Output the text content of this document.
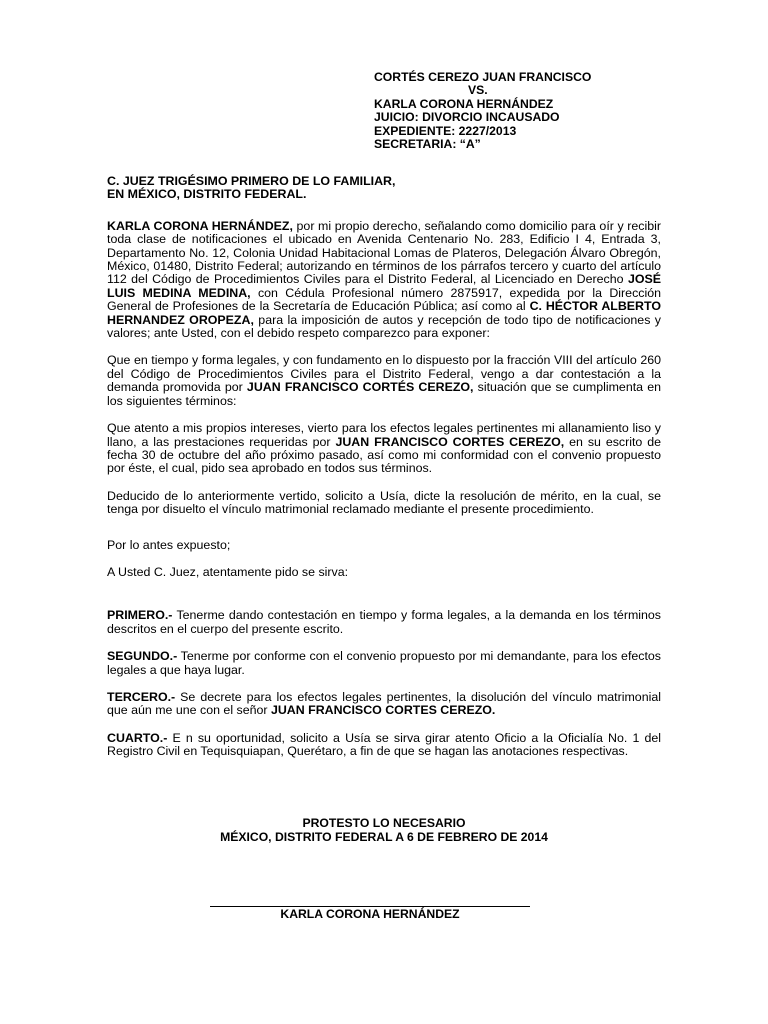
CORTÉS CEREZO JUAN FRANCISCO
VS.
KARLA CORONA HERNÁNDEZ
JUICIO: DIVORCIO INCAUSADO
EXPEDIENTE: 2227/2013
SECRETARIA: “A”
C. JUEZ TRIGÉSIMO PRIMERO DE LO FAMILIAR,
EN MÉXICO, DISTRITO FEDERAL.

KARLA CORONA HERNÁNDEZ, por mi propio derecho, señalando como domicilio para oír y recibir toda clase de notificaciones el ubicado en Avenida Centenario No. 283, Edificio I 4, Entrada 3, Departamento No. 12, Colonia Unidad Habitacional Lomas de Plateros, Delegación Álvaro Obregón, México, 01480, Distrito Federal; autorizando en términos de los párrafos tercero y cuarto del artículo 112 del Código de Procedimientos Civiles para el Distrito Federal, al Licenciado en Derecho JOSÉ LUIS MEDINA MEDINA, con Cédula Profesional número 2875917, expedida por la Dirección General de Profesiones de la Secretaría de Educación Pública; así como al C. HÉCTOR ALBERTO HERNANDEZ OROPEZA, para la imposición de autos y recepción de todo tipo de notificaciones y valores; ante Usted, con el debido respeto comparezco para exponer:

Que en tiempo y forma legales, y con fundamento en lo dispuesto por la fracción VIII del artículo 260 del Código de Procedimientos Civiles para el Distrito Federal, vengo a dar contestación a la demanda promovida por JUAN FRANCISCO CORTÉS CEREZO, situación que se cumplimenta en los siguientes términos:

Que atento a mis propios intereses, vierto para los efectos legales pertinentes mi allanamiento liso y llano, a las prestaciones requeridas por JUAN FRANCISCO CORTES CEREZO, en su escrito de fecha 30 de octubre del año próximo pasado, así como mi conformidad con el convenio propuesto por éste, el cual, pido sea aprobado en todos sus términos.

Deducido de lo anteriormente vertido, solicito a Usía, dicte la resolución de mérito, en la cual, se tenga por disuelto el vínculo matrimonial reclamado mediante el presente procedimiento.

Por lo antes expuesto;

A Usted C. Juez, atentamente pido se sirva:

PRIMERO.- Tenerme dando contestación en tiempo y forma legales, a la demanda en los términos descritos en el cuerpo del presente escrito.

SEGUNDO.- Tenerme por conforme con el convenio propuesto por mi demandante, para los efectos legales a que haya lugar.

TERCERO.- Se decrete para los efectos legales pertinentes, la disolución del vínculo matrimonial que aún me une con el señor JUAN FRANCISCO CORTES CEREZO.

CUARTO.- E n su oportunidad, solicito a Usía se sirva girar atento Oficio a la Oficialía No. 1 del Registro Civil en Tequisquiapan, Querétaro, a fin de que se hagan las anotaciones respectivas.

PROTESTO LO NECESARIO
MÉXICO, DISTRITO FEDERAL A 6 DE FEBRERO DE 2014
KARLA CORONA HERNÁNDEZ
